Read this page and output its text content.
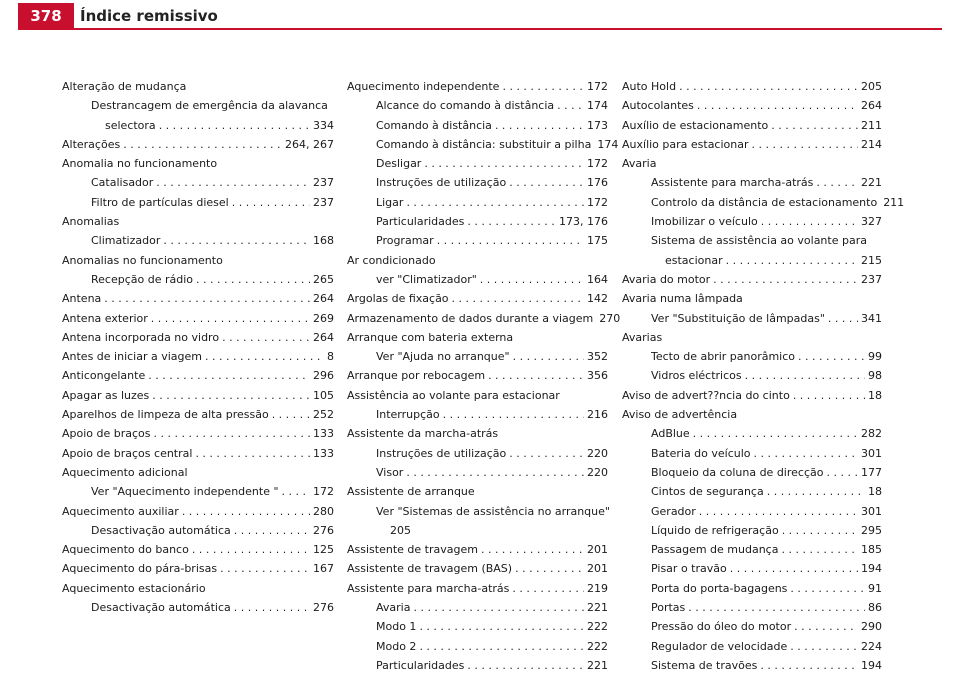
378	Índice remissivo
Alteração de mudança
Destrancagem de emergência da alavanca
selectora . . .	334
Alterações . . .	264, 267
Anomalia no funcionamento
Catalisador . . .	237
Filtro de partículas diesel . . .	237
Anomalias
Climatizador . . .	168
Anomalias no funcionamento
Recepção de rádio . . .	265
Antena . . .	264
Antena exterior . . .	269
Antena incorporada no vidro . . .	264
Antes de iniciar a viagem . . .	8
Anticongelante . . .	296
Apagar as luzes . . .	105
Aparelhos de limpeza de alta pressão . . .	252
Apoio de braços . . .	133
Apoio de braços central . . .	133
Aquecimento adicional
Ver "Aquecimento independente " . . .	172
Aquecimento auxiliar . . .	280
Desactivação automática . . .	276
Aquecimento do banco . . .	125
Aquecimento do pára-brisas . . .	167
Aquecimento estacionário
Desactivação automática . . .	276
Aquecimento independente . . .	172
Alcance do comando à distância . . .	174
Comando à distância . . .	173
Comando à distância: substituir a pilha 174
Desligar . . .	172
Instruções de utilização . . .	176
Ligar . . .	172
Particularidades . . .	173, 176
Programar . . .	175
Ar condicionado
ver "Climatizador" . . .	164
Argolas de fixação . . .	142
Armazenamento de dados durante a viagem 270
Arranque com bateria externa
Ver "Ajuda no arranque" . . .	352
Arranque por rebocagem . . .	356
Assistência ao volante para estacionar
Interrupção . . .	216
Assistente da marcha-atrás
Instruções de utilização . . .	220
Visor . . .	220
Assistente de arranque
Ver "Sistemas de assistência no arranque"
205
Assistente de travagem . . .	201
Assistente de travagem (BAS) . . .	201
Assistente para marcha-atrás . . .	219
Avaria . . .	221
Modo 1 . . .	222
Modo 2 . . .	222
Particularidades . . .	221
Auto Hold . . .	205
Autocolantes . . .	264
Auxílio de estacionamento . . .	211
Auxílio para estacionar . . .	214
Avaria
Assistente para marcha-atrás . . .	221
Controlo da distância de estacionamento 211
Imobilizar o veículo . . .	327
Sistema de assistência ao volante para
estacionar . . .	215
Avaria do motor . . .	237
Avaria numa lâmpada
Ver "Substituição de lâmpadas" . . .	341
Avarias
Tecto de abrir panorâmico . . .	99
Vidros eléctricos . . .	98
Aviso de advert??ncia do cinto . . .	18
Aviso de advertência
AdBlue . . .	282
Bateria do veículo . . .	301
Bloqueio da coluna de direcção . . .	177
Cintos de segurança . . .	18
Gerador . . .	301
Líquido de refrigeração . . .	295
Passagem de mudança . . .	185
Pisar o travão . . .	194
Porta do porta-bagagens . . .	91
Portas . . .	86
Pressão do óleo do motor . . .	290
Regulador de velocidade . . .	224
Sistema de travões . . .	194
